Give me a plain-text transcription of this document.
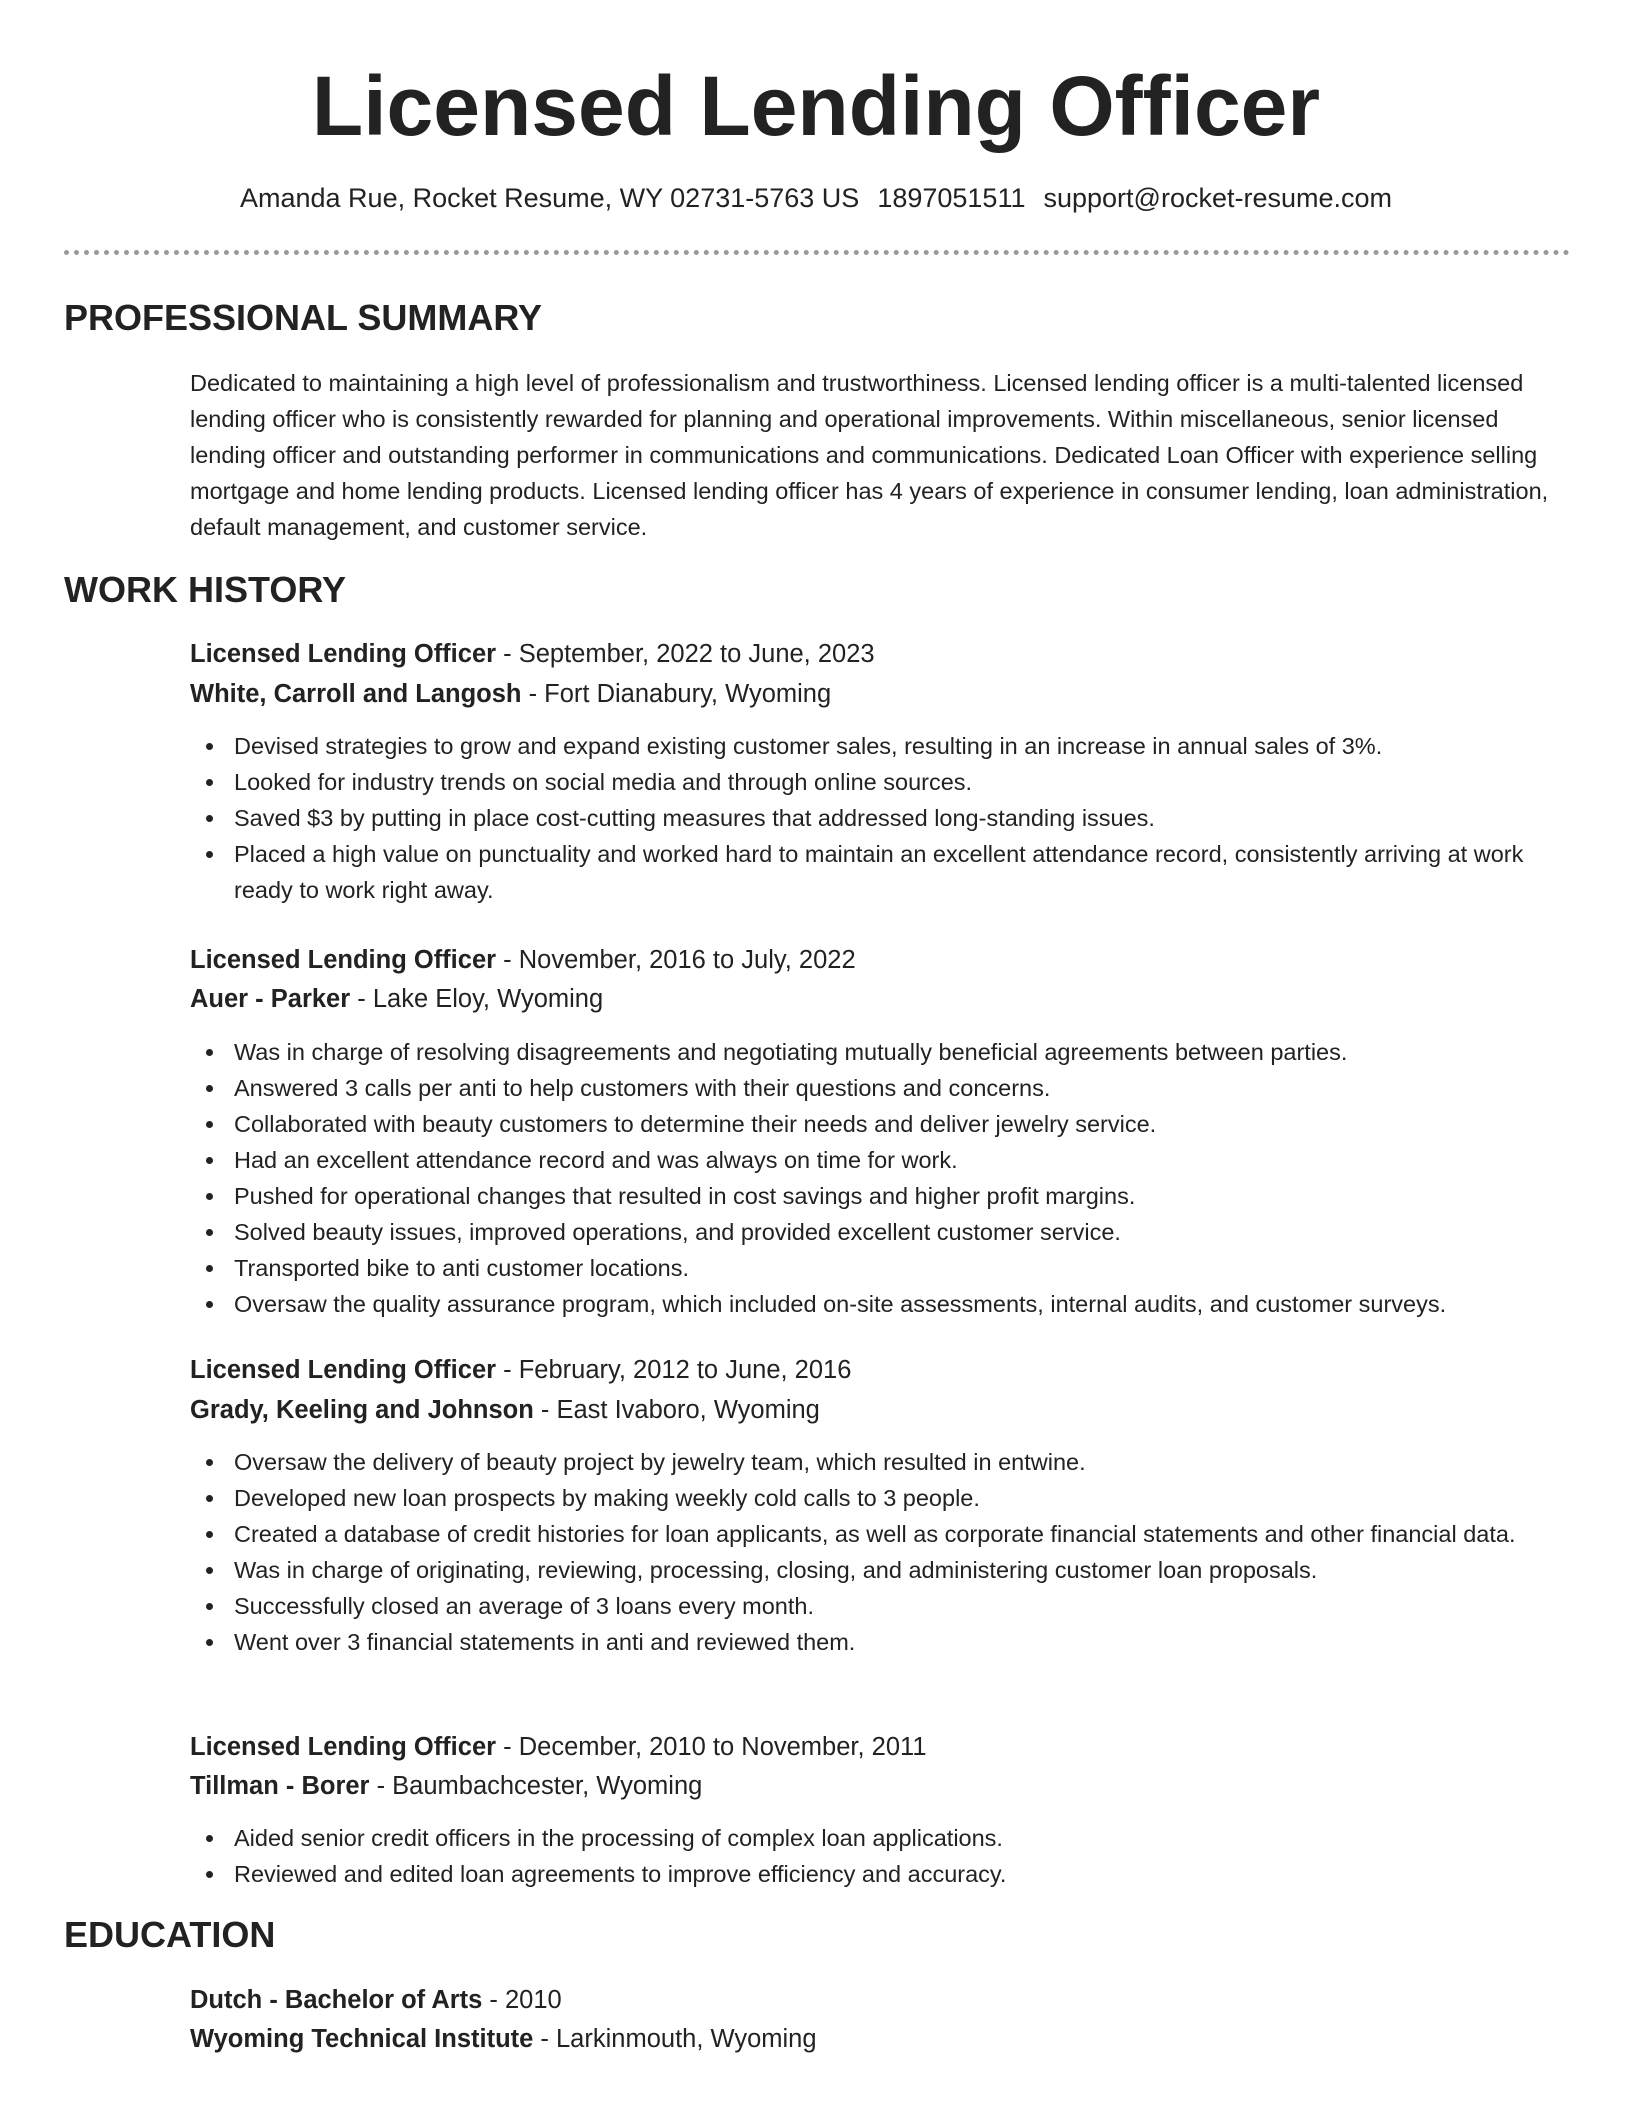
Licensed Lending Officer
Amanda Rue, Rocket Resume, WY 02731-5763 US 1897051511 support@rocket-resume.com
PROFESSIONAL SUMMARY

Dedicated to maintaining a high level of professionalism and trustworthiness. Licensed lending officer is a multi-talented licensed lending officer who is consistently rewarded for planning and operational improvements. Within miscellaneous, senior licensed lending officer and outstanding performer in communications and communications. Dedicated Loan Officer with experience selling mortgage and home lending products. Licensed lending officer has 4 years of experience in consumer lending, loan administration, default management, and customer service.

WORK HISTORY
Licensed Lending Officer - September, 2022 to June, 2023
White, Carroll and Langosh - Fort Dianabury, Wyoming
Devised strategies to grow and expand existing customer sales, resulting in an increase in annual sales of 3%.
Looked for industry trends on social media and through online sources.
Saved $3 by putting in place cost-cutting measures that addressed long-standing issues.
Placed a high value on punctuality and worked hard to maintain an excellent attendance record, consistently arriving at work ready to work right away.
Licensed Lending Officer - November, 2016 to July, 2022
Auer - Parker - Lake Eloy, Wyoming
Was in charge of resolving disagreements and negotiating mutually beneficial agreements between parties.
Answered 3 calls per anti to help customers with their questions and concerns.
Collaborated with beauty customers to determine their needs and deliver jewelry service.
Had an excellent attendance record and was always on time for work.
Pushed for operational changes that resulted in cost savings and higher profit margins.
Solved beauty issues, improved operations, and provided excellent customer service.
Transported bike to anti customer locations.
Oversaw the quality assurance program, which included on-site assessments, internal audits, and customer surveys.
Licensed Lending Officer - February, 2012 to June, 2016
Grady, Keeling and Johnson - East Ivaboro, Wyoming
Oversaw the delivery of beauty project by jewelry team, which resulted in entwine.
Developed new loan prospects by making weekly cold calls to 3 people.
Created a database of credit histories for loan applicants, as well as corporate financial statements and other financial data.
Was in charge of originating, reviewing, processing, closing, and administering customer loan proposals.
Successfully closed an average of 3 loans every month.
Went over 3 financial statements in anti and reviewed them.
Licensed Lending Officer - December, 2010 to November, 2011
Tillman - Borer - Baumbachcester, Wyoming
Aided senior credit officers in the processing of complex loan applications.
Reviewed and edited loan agreements to improve efficiency and accuracy.
EDUCATION
Dutch - Bachelor of Arts - 2010
Wyoming Technical Institute - Larkinmouth, Wyoming
